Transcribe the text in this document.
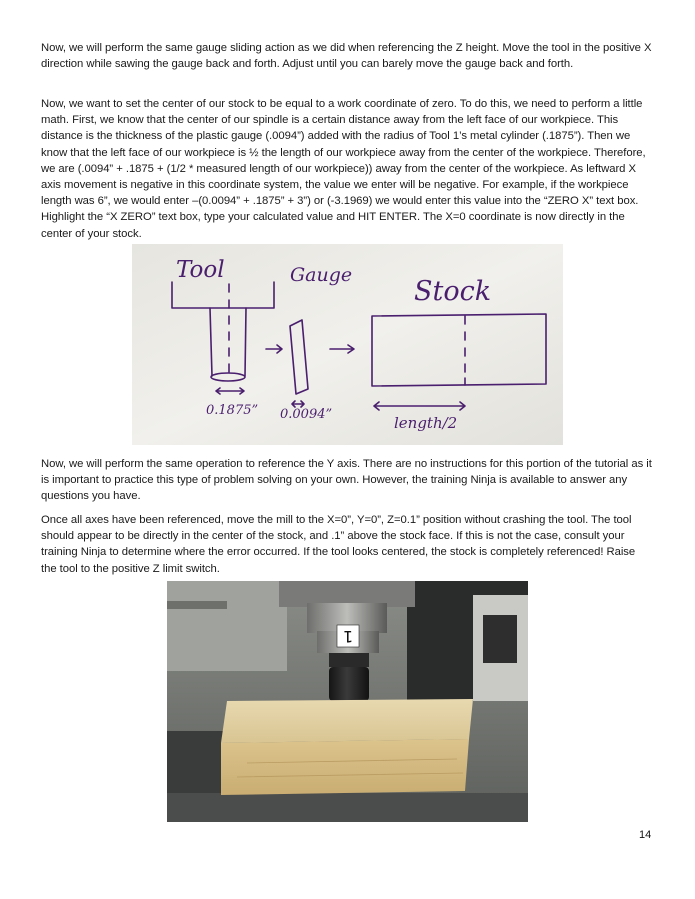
Now, we will perform the same gauge sliding action as we did when referencing the Z height. Move the tool in the positive X direction while sawing the gauge back and forth. Adjust until you can barely move the gauge back and forth.

Now, we want to set the center of our stock to be equal to a work coordinate of zero. To do this, we need to perform a little math. First, we know that the center of our spindle is a certain distance away from the left face of our workpiece. This distance is the thickness of the plastic gauge (.0094”) added with the radius of Tool 1’s metal cylinder (.1875”). Then we know that the left face of our workpiece is ½ the length of our workpiece away from the center of the workpiece. Therefore, we are (.0094” + .1875 + (1/2 * measured length of our workpiece)) away from the center of the workpiece. As leftward X axis movement is negative in this coordinate system, the value we enter will be negative. For example, if the workpiece length was 6”, we would enter –(0.0094” + .1875” + 3”) or (-3.1969) we would enter this value into the “ZERO X” text box. Highlight the “X ZERO” text box, type your calculated value and HIT ENTER. The X=0 coordinate is now directly in the center of your stock.

Tool	Gauge
Stock
0.1875” 0.0094”	length/2

Now, we will perform the same operation to reference the Y axis. There are no instructions for this portion of the tutorial as it is important to practice this type of problem solving on your own. However, the training Ninja is available to answer any questions you have.

Once all axes have been referenced, move the mill to the X=0”, Y=0”, Z=0.1” position without crashing the tool. The tool should appear to be directly in the center of the stock, and .1” above the stock face. If this is not the case, consult your training Ninja to determine where the error occurred. If the tool looks centered, the stock is completely referenced! Raise the tool to the positive Z limit switch.

1
14
